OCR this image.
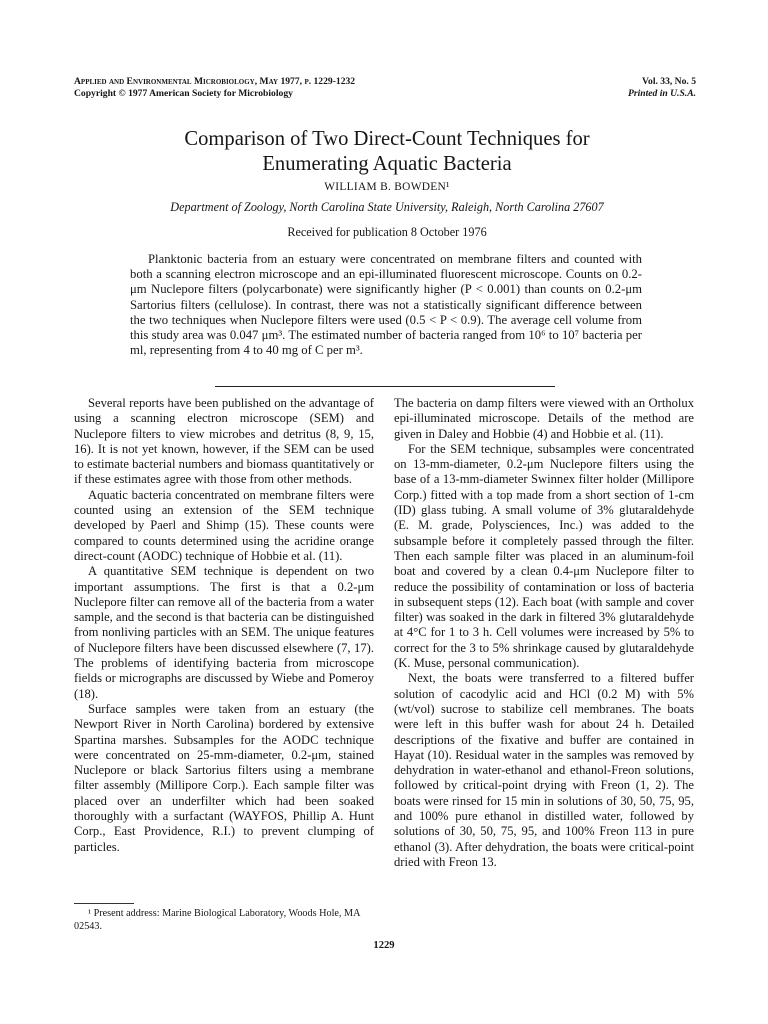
Applied and Environmental Microbiology, May 1977, p. 1229-1232
Copyright © 1977 American Society for Microbiology
Vol. 33, No. 5
Printed in U.S.A.
Comparison of Two Direct-Count Techniques for
Enumerating Aquatic Bacteria
WILLIAM B. BOWDEN¹
Department of Zoology, North Carolina State University, Raleigh, North Carolina 27607
Received for publication 8 October 1976

Planktonic bacteria from an estuary were concentrated on membrane filters and counted with both a scanning electron microscope and an epi-illuminated fluorescent microscope. Counts on 0.2-μm Nuclepore filters (polycarbonate) were significantly higher (P < 0.001) than counts on 0.2-μm Sartorius filters (cellulose). In contrast, there was not a statistically significant difference between the two techniques when Nuclepore filters were used (0.5 < P < 0.9). The average cell volume from this study area was 0.047 μm³. The estimated number of bacteria ranged from 10⁶ to 10⁷ bacteria per ml, representing from 4 to 40 mg of C per m³.

Several reports have been published on the advantage of using a scanning electron microscope (SEM) and Nuclepore filters to view microbes and detritus (8, 9, 15, 16). It is not yet known, however, if the SEM can be used to estimate bacterial numbers and biomass quantitatively or if these estimates agree with those from other methods.

Aquatic bacteria concentrated on membrane filters were counted using an extension of the SEM technique developed by Paerl and Shimp (15). These counts were compared to counts determined using the acridine orange direct-count (AODC) technique of Hobbie et al. (11).

A quantitative SEM technique is dependent on two important assumptions. The first is that a 0.2-μm Nuclepore filter can remove all of the bacteria from a water sample, and the second is that bacteria can be distinguished from nonliving particles with an SEM. The unique features of Nuclepore filters have been discussed elsewhere (7, 17). The problems of identifying bacteria from microscope fields or micrographs are discussed by Wiebe and Pomeroy (18).

Surface samples were taken from an estuary (the Newport River in North Carolina) bordered by extensive Spartina marshes. Subsamples for the AODC technique were concentrated on 25-mm-diameter, 0.2-μm, stained Nuclepore or black Sartorius filters using a membrane filter assembly (Millipore Corp.). Each sample filter was placed over an underfilter which had been soaked thoroughly with a surfactant (WAYFOS, Phillip A. Hunt Corp., East Providence, R.I.) to prevent clumping of particles.

¹ Present address: Marine Biological Laboratory, Woods Hole, MA 02543.

The bacteria on damp filters were viewed with an Ortholux epi-illuminated microscope. Details of the method are given in Daley and Hobbie (4) and Hobbie et al. (11).

For the SEM technique, subsamples were concentrated on 13-mm-diameter, 0.2-μm Nuclepore filters using the base of a 13-mm-diameter Swinnex filter holder (Millipore Corp.) fitted with a top made from a short section of 1-cm (ID) glass tubing. A small volume of 3% glutaraldehyde (E. M. grade, Polysciences, Inc.) was added to the subsample before it completely passed through the filter. Then each sample filter was placed in an aluminum-foil boat and covered by a clean 0.4-μm Nuclepore filter to reduce the possibility of contamination or loss of bacteria in subsequent steps (12). Each boat (with sample and cover filter) was soaked in the dark in filtered 3% glutaraldehyde at 4°C for 1 to 3 h. Cell volumes were increased by 5% to correct for the 3 to 5% shrinkage caused by glutaraldehyde (K. Muse, personal communication).

Next, the boats were transferred to a filtered buffer solution of cacodylic acid and HCl (0.2 M) with 5% (wt/vol) sucrose to stabilize cell membranes. The boats were left in this buffer wash for about 24 h. Detailed descriptions of the fixative and buffer are contained in Hayat (10). Residual water in the samples was removed by dehydration in water-ethanol and ethanol-Freon solutions, followed by critical-point drying with Freon (1, 2). The boats were rinsed for 15 min in solutions of 30, 50, 75, 95, and 100% pure ethanol in distilled water, followed by solutions of 30, 50, 75, 95, and 100% Freon 113 in pure ethanol (3). After dehydration, the boats were critical-point dried with Freon 13.

1229
